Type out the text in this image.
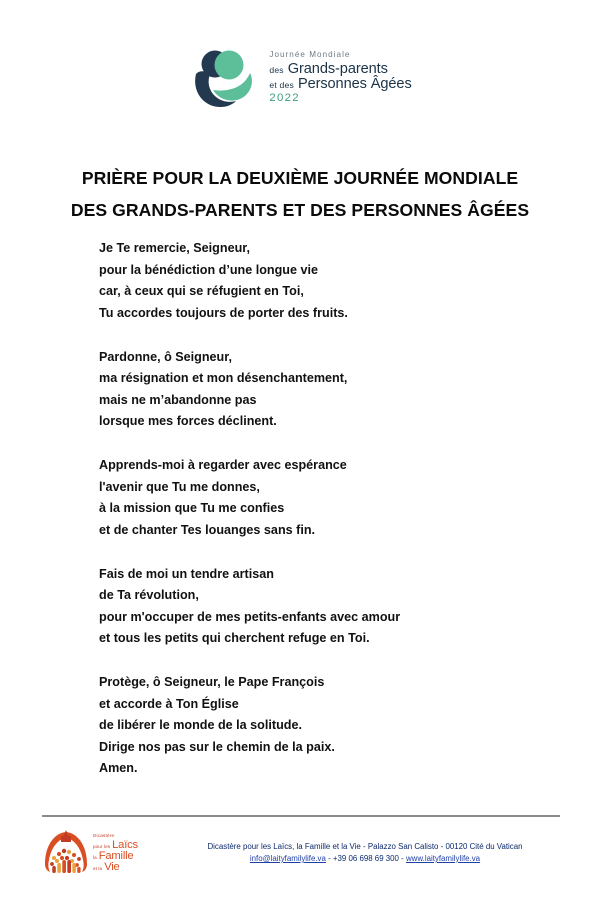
Journée Mondiale
des Grands-parents
et des Personnes Âgées
2022
PRIÈRE POUR LA DEUXIÈME JOURNÉE MONDIALE
DES GRANDS-PARENTS ET DES PERSONNES ÂGÉES
Je Te remercie, Seigneur,
pour la bénédiction d’une longue vie
car, à ceux qui se réfugient en Toi,
Tu accordes toujours de porter des fruits.
Pardonne, ô Seigneur,
ma résignation et mon désenchantement,
mais ne m’abandonne pas
lorsque mes forces déclinent.
Apprends-moi à regarder avec espérance
l'avenir que Tu me donnes,
à la mission que Tu me confies
et de chanter Tes louanges sans fin.
Fais de moi un tendre artisan
de Ta révolution,
pour m'occuper de mes petits-enfants avec amour
et tous les petits qui cherchent refuge en Toi.
Protège, ô Seigneur, le Pape François
et accorde à Ton Église
de libérer le monde de la solitude.
Dirige nos pas sur le chemin de la paix.
Amen.
Dicastère
pour les Laïcs
la Famille
et la Vie
Dicastère pour les Laïcs, la Famille et la Vie - Palazzo San Calisto - 00120 Cité du Vatican
info@laityfamilylife.va - +39 06 698 69 300 - www.laityfamilylife.va
